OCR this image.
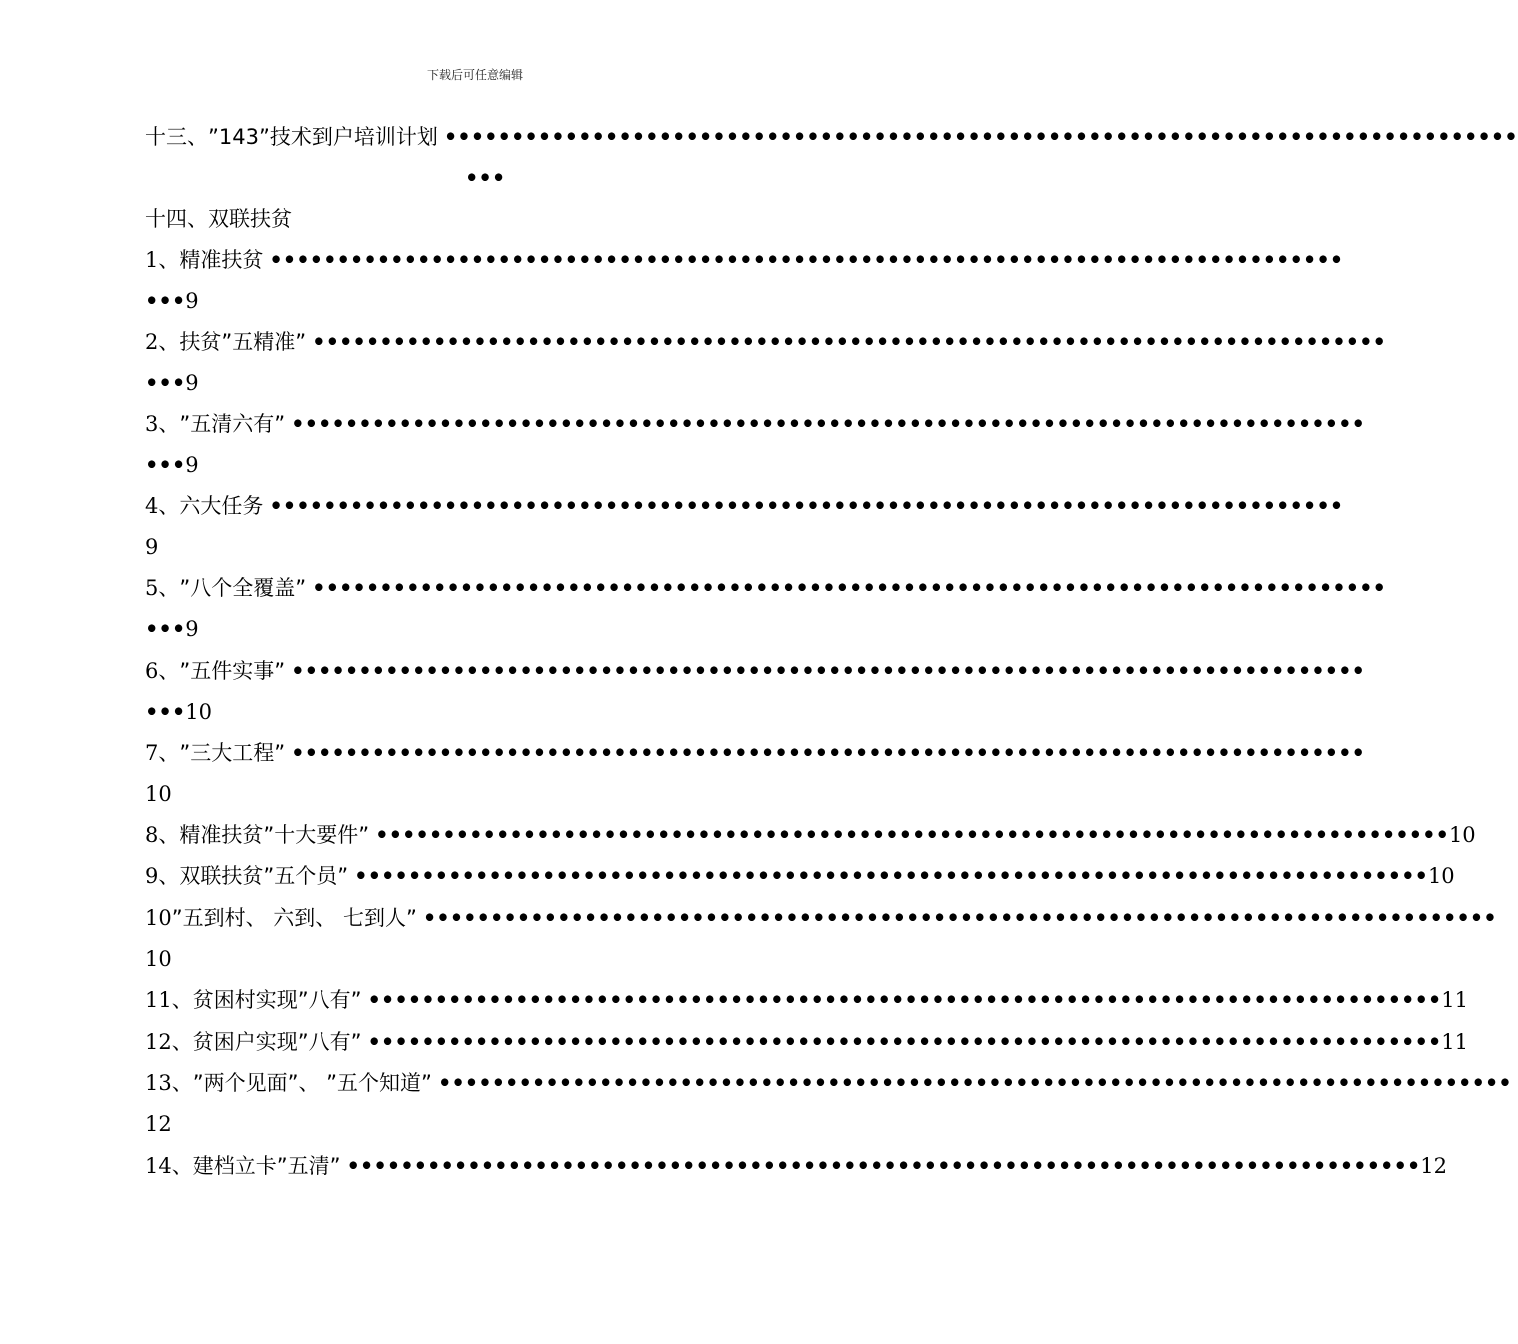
下载后可任意编辑
十三、 ”143”技术到户培训计划 ••••••••••••••••••••••••••••••••••••••••••••••••••••••••••••••••••••••••••••••••
•••
十四、 双联扶贫
1、 精准扶贫 ••••••••••••••••••••••••••••••••••••••••••••••••••••••••••••••••••••••••••••••••
•••9
2、 扶贫”五精准” ••••••••••••••••••••••••••••••••••••••••••••••••••••••••••••••••••••••••••••••••
•••9
3、 ”五清六有” ••••••••••••••••••••••••••••••••••••••••••••••••••••••••••••••••••••••••••••••••
•••9
4、 六大任务 ••••••••••••••••••••••••••••••••••••••••••••••••••••••••••••••••••••••••••••••••
9
5、 ”八个全覆盖” ••••••••••••••••••••••••••••••••••••••••••••••••••••••••••••••••••••••••••••••••
•••9
6、 ”五件实事” ••••••••••••••••••••••••••••••••••••••••••••••••••••••••••••••••••••••••••••••••
•••10
7、 ”三大工程” ••••••••••••••••••••••••••••••••••••••••••••••••••••••••••••••••••••••••••••••••
10
8、 精准扶贫”十大要件” •••••••••••••••••••••••••••••••••••••••••••••••••••••••••••••••••••••••••••••••• 10
9、 双联扶贫”五个员” •••••••••••••••••••••••••••••••••••••••••••••••••••••••••••••••••••••••••••••••• 10
10 ”五到村、 六到、 七到人” ••••••••••••••••••••••••••••••••••••••••••••••••••••••••••••••••••••••••••••••••
10
11、 贫困村实现”八有” •••••••••••••••••••••••••••••••••••••••••••••••••••••••••••••••••••••••••••••••• 11
12、 贫困户实现”八有” •••••••••••••••••••••••••••••••••••••••••••••••••••••••••••••••••••••••••••••••• 11
13、 ”两个见面”、 ”五个知道” ••••••••••••••••••••••••••••••••••••••••••••••••••••••••••••••••••••••••••••••••
12
14、 建档立卡”五清” •••••••••••••••••••••••••••••••••••••••••••••••••••••••••••••••••••••••••••••••• 12
